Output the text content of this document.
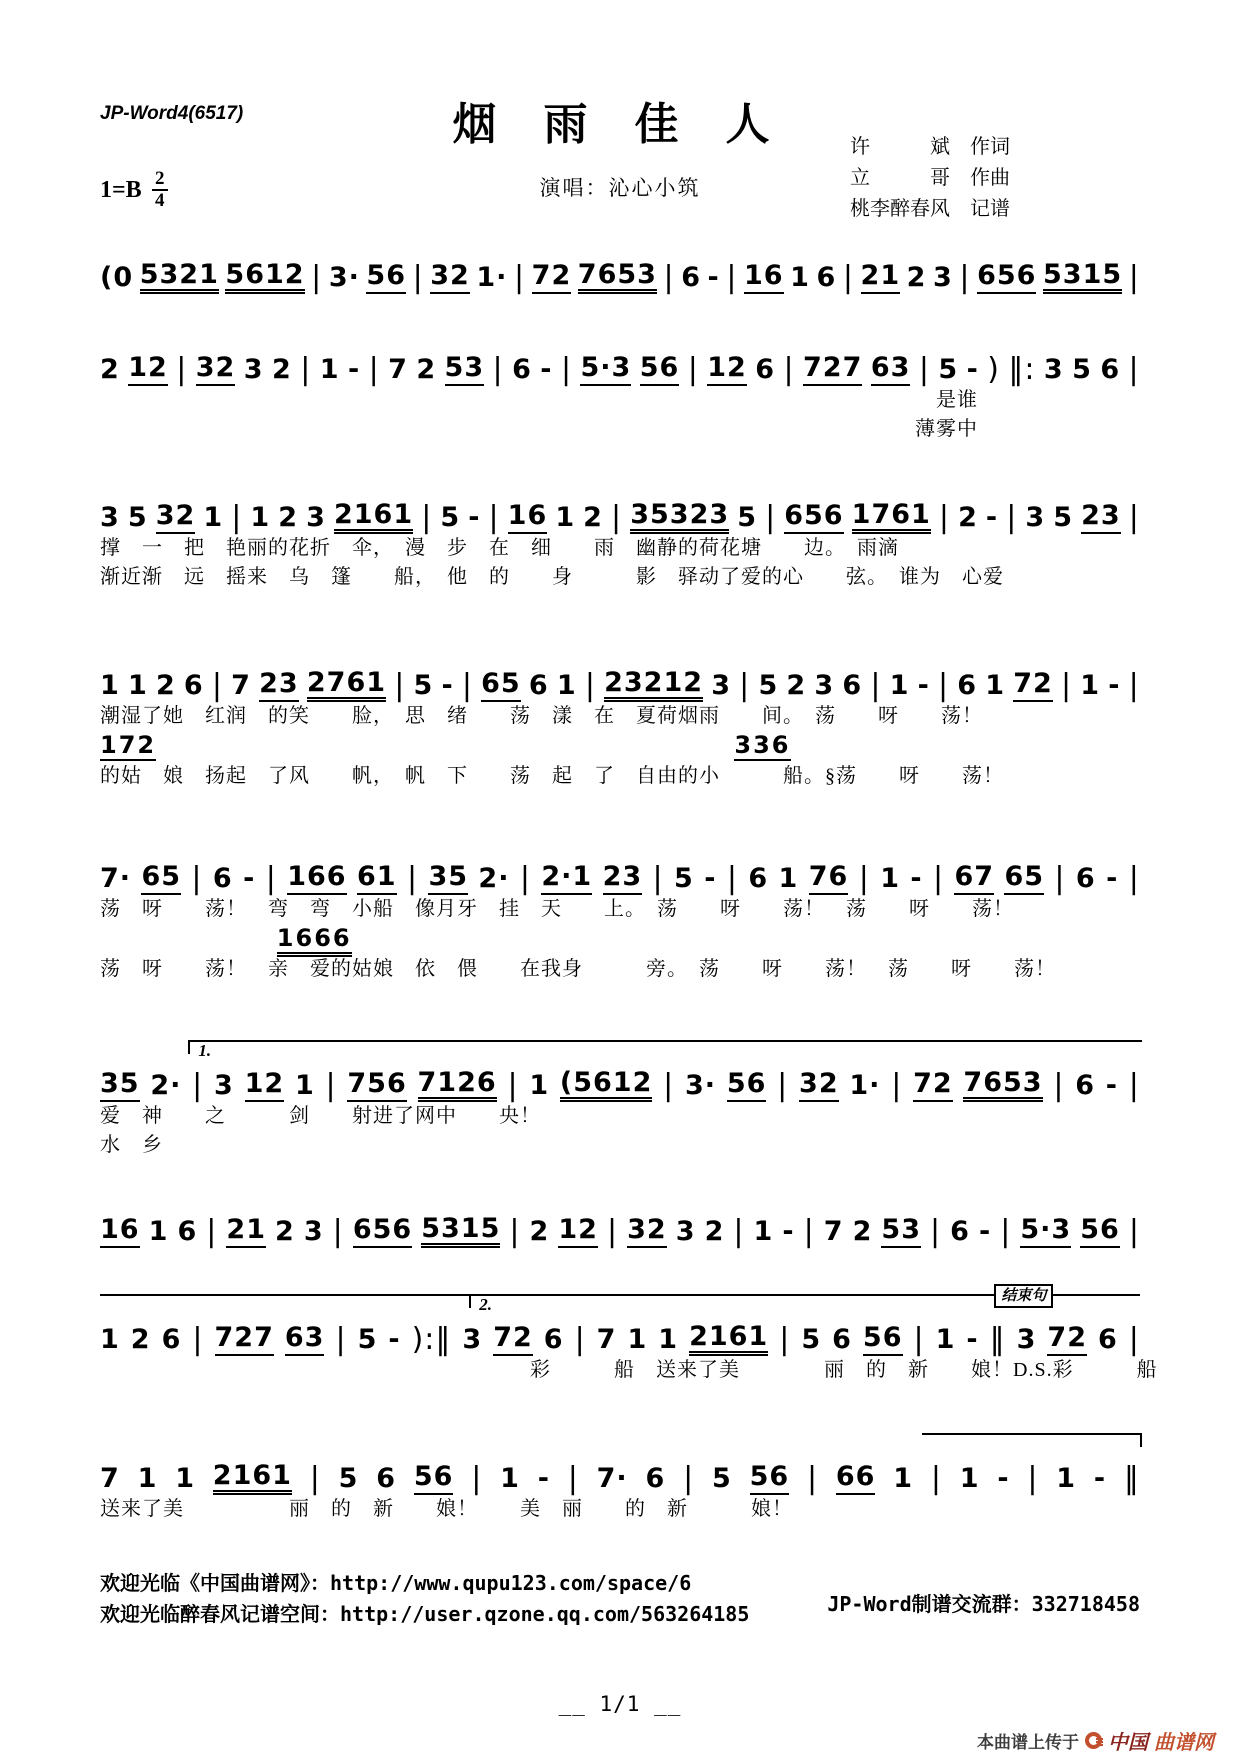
JP-Word4(6517)	烟 雨 佳 人	许　　　斌　作词
立　　　哥　作曲
桃李醉春风　记谱
演唱：沁心小筑
$1=B \frac{2}{4}$
(0 5321 5612 | 3· 56 | 32 1· | 72 7653 | 6 - | 16 1 6 | 21 2 3 | 656 5315 |
2 12 | 32 3 2 | 1 - | 7 2 53 | 6 - | 5·3 56 | 12 6 | 727 63 | 5 - ) ‖: 3 5 6 |
是谁
薄雾中
3 5 32 1 | 1 2 3 2161 | 5 - | 16 1 2 | 35323 5 | 656 1761 | 2 - | 3 5 23 |
撑　一　把　艳丽的花折　伞，　漫　步　在　细　　雨　幽静的荷花塘　　边。　雨滴
渐近渐　远　摇来　乌　篷　　船，　他　的　　身　　　影　驿动了爱的心　　弦。　谁为　心爱
1 1 2 6 | 7 23 2761 | 5 - | 65 6 1 | 23212 3 | 5 2 3 6 | 1 - | 6 1 72 | 1 - |
潮湿了她　红润　的笑　　脸，　思　绪　　荡　漾　在　夏荷烟雨　　间。　荡　　呀　　荡！
172	336
的姑　娘　扬起　了风　　帆，　帆　下　　荡　起　了　自由的小　　　船。§荡　　呀　　荡！
7· 65 | 6 - | 166 61 | 35 2· | 2·1 23 | 5 - | 6 1 76 | 1 - | 67 65 | 6 - |
荡　呀　　荡！　弯　弯　小船　像月牙　挂　天　　上。　荡　　呀　　荡！　荡　　呀　　荡！
1666
荡　呀　　荡！　亲　爱的姑娘　依　偎　　在我身　　　旁。　荡　　呀　　荡！　荡　　呀　　荡！
1.
35 2· | 3 12 1 | 756 7126 | 1 (5612 | 3· 56 | 32 1· | 72 7653 | 6 - |
爱　神　　之　　　剑　　射进了网中　　央！
水　乡
16 1 6 | 21 2 3 | 656 5315 | 2 12 | 32 3 2 | 1 - | 7 2 53 | 6 - | 5·3 56 |
2.	结束句
1 2 6 | 727 63 | 5 - ):‖ 3 72 6 | 7 1 1 2161 | 5 6 56 | 1 - ‖ 3 72 6 |
彩　　　船　送来了美　　　　丽　的　新　　娘！D.S.彩　　　船
7 1 1 2161 | 5 6 56 | 1 - | 7· 6 | 5 56 | 66 1 | 1 - | 1 - ‖
送来了美　　　　　丽　的　新　　娘！　　美　丽　　的　新　　　娘！
欢迎光临《中国曲谱网》：http://www.qupu123.com/space/6
欢迎光临醉春风记谱空间：http://user.qzone.qq.com/563264185	JP-Word制谱交流群：332718458
__ 1/1 __
本曲谱上传于 中国 曲谱网
